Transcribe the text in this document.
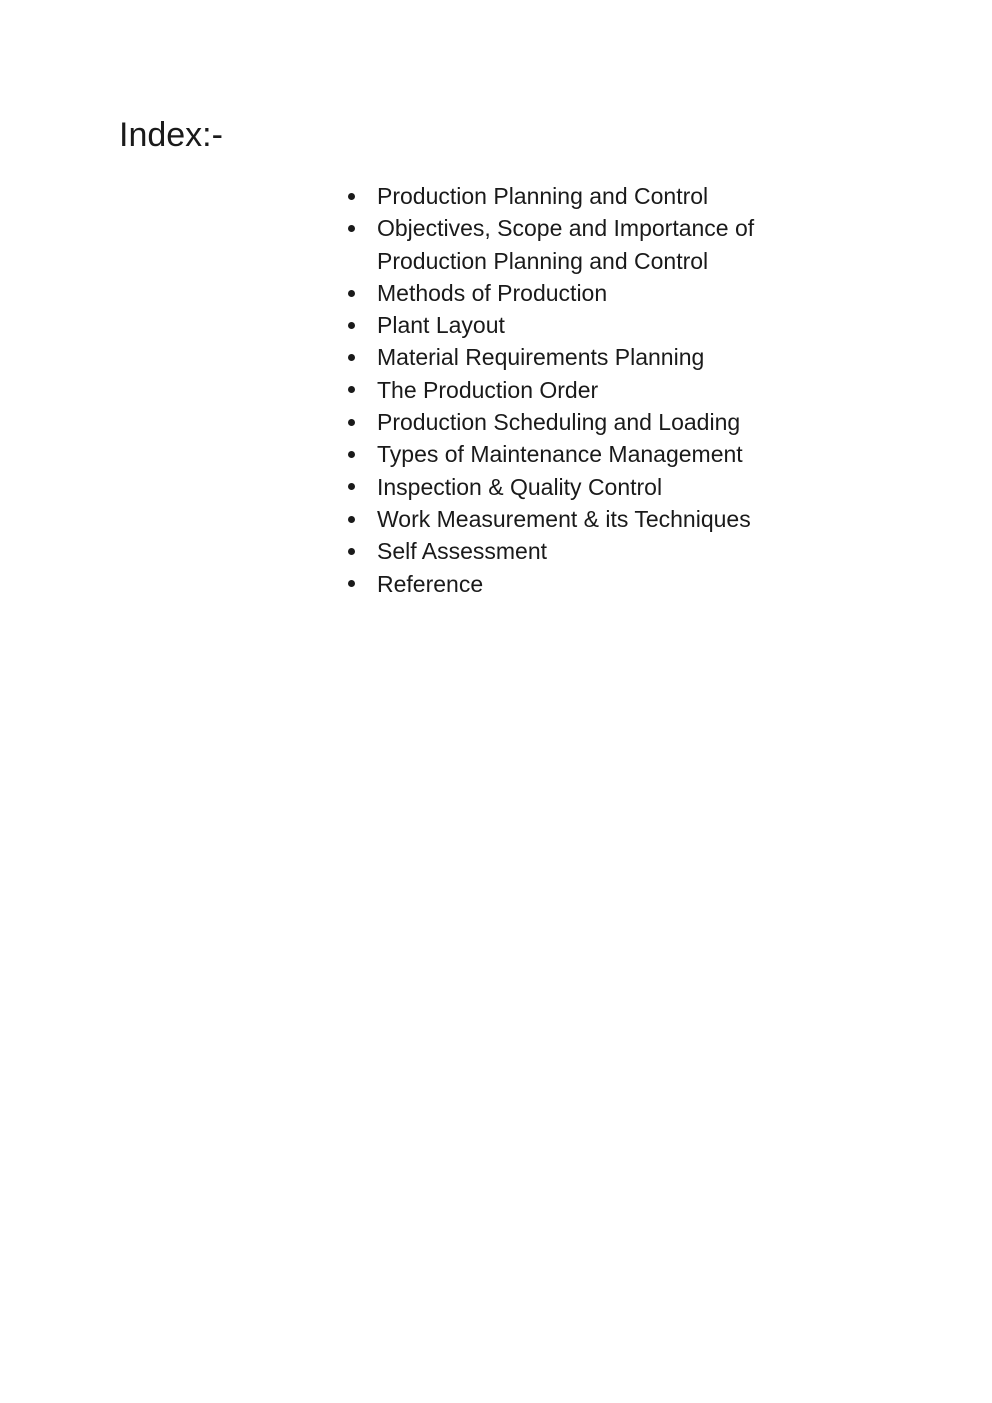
Index:-
Production Planning and Control
Objectives, Scope and Importance of Production Planning and Control
Methods of Production
Plant Layout
Material Requirements Planning
The Production Order
Production Scheduling and Loading
Types of Maintenance Management
Inspection & Quality Control
Work Measurement & its Techniques
Self Assessment
Reference
